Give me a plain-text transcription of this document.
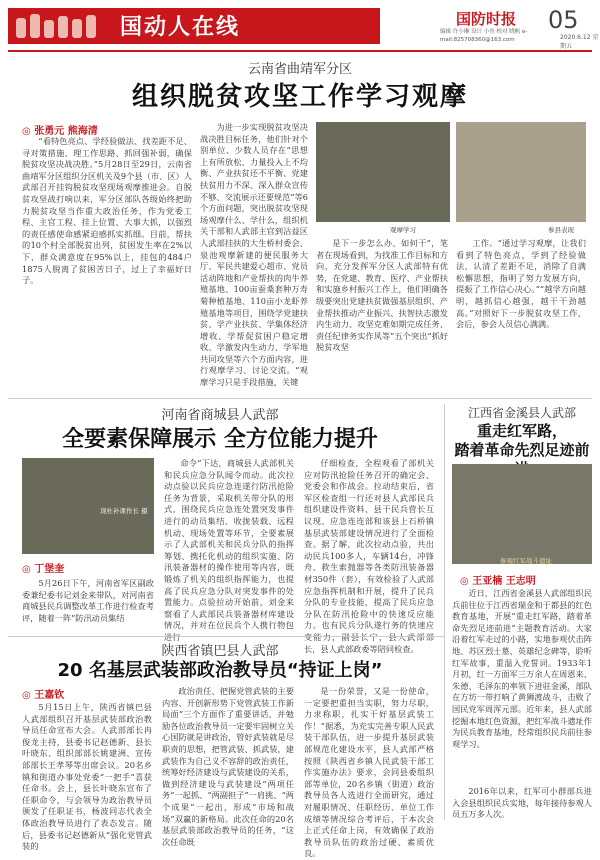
国动人在线	国防时报 05
2020.6.12 星期五
编辑 许小琳 设计 小鱼 校对 晓帆 e-mail:825708360@163.com
云南省曲靖军分区
组织脱贫攻坚工作学习观摩
◎ 张勇元 熊海清

“看特色亮点、学经验做法、找差距不足、寻对策措施、理工作思路、抓回强补弱，确保脱贫攻坚决战决胜。”5月28日至29日，云南省曲靖军分区组织分区机关及9个县（市、区）人武部召开挂钩脱贫攻坚现场观摩推进会。自脱贫攻坚战打响以来，军分区部队各级始终把助力脱贫攻坚当作重大政治任务，作为党委工程、主官工程、挂上位置、大事大抓，以强烈的责任感使命感紧迫感抓实抓细。目前，帮扶的10个村全部脱贫出列，贫困发生率在2%以下，群众满意度在95%以上，挂包的484户1875人脱离了贫困苦日子，过上了幸福好日子。

为进一步实现脱贫攻坚决战决胜目标任务，他们针对个别单位、少数人员存在“思想上有所放松、力量投入上不均衡、产业扶贫还不平衡、党建扶贫用力不深、深入群众宣传不够、交流展示还要规范”等6个方面问题，突出脱贫攻坚现场观摩什么、学什么，组织机关干部和人武部主官到沾益区人武部挂扶的大生桥村委会、泉池观摩新建的便民服务大厅、军民共建爱心超市、党员活动阵地和产业帮扶的肉牛养殖基地、100亩蚕桑套种万寿菊种植基地、110亩小龙虾养殖基地等项目，围绕学党建扶贫、学产业扶贫、学集体经济增收、学帮促贫困户稳定增收、学激发内生动力、学军地共同攻坚等六个方面内容，进行观摩学习、讨论交流。“观摩学习只是手段措施，关键

观摩学习	参县表现

是下一步怎么办、如何干”，笔者在现场看到，为找准工作目标和方向，充分发挥军分区人武部特有优势，在党建、教育、医疗、产业帮扶和实施乡村振兴工作上，他们明确各级要突出党建扶贫做强基层组织、产业帮扶推动产业振兴、扶智扶志激发内生动力、攻坚克难如期完成任务、责任纪律务实作风等”五个突出“抓好脱贫攻坚

工作。“通过学习观摩，让我们看到了特色亮点，学到了经验做法，认清了差距不足，消除了自满松懈思想，指明了努力发展方向，提振了工作信心决心。”“越学方向越明，越抓信心越强，越干干劲越高。”对照好下一步脱贫攻坚工作，会后，参会人员信心满满。

河南省商城县人武部
全要素保障展示 全方位能力提升
现杜补课作长 摄
◎ 丁堡奎

5月26日下午，河南省军区副政委兼纪委书记刘金来带队，对河南省商城县民兵调整改革工作进行检查考评，随着一阵”防汛动员集结

命令”下达，商城县人武部机关和民兵应急分队闻令而动。此次拉动点验以民兵应急连遂行防汛抢险任务为背景，采取机关带分队的形式，围绕民兵应急连处置突发事件进行的动员集结、收拢装载、远程机动、现场处置等环节，全要素展示了人武部机关和民兵分队的指挥筹划、携托化机动的组织实施、防汛装备器材的操作使用等内容，既锻炼了机关的组织指挥能力，也提高了民兵应急分队对突发事件的处置能力。点验拉动开始前，刘金来察看了人武部民兵装备器材库建设情况，并对在位民兵个人携行物包

仔细检查，全程观看了部机关应对防汛抢险任务召开的确定会、党委会和作战会。拉动结束后，省军区检查组一行还对县人武部民兵组织建设件资料、县干民兵营长互议现、应急连连部和该县上石桥镇基层武装部建设情况进行了全面检查。据了解，此次拉动点验，共出动民兵100多人，车辆14台，冲锋舟、救生索抛器等各类防汛装备器材350件（套），有效检验了人武部应急指挥机制和开展，提升了民兵分队的专业技能，提高了民兵应急分队在防汛抢险中的快速反应能力。也有民兵分队遂行务的快速应 长，县人武部政委等陪同检查。

江西省金溪县人武部
重走红军路，
踏着革命先烈足迹前
参观红军战斗遗址
◎ 王亚楠 王志明

近日，江西省金溪县人武部组织民兵前往位于江西省瑞金和于都县的红色教育基地，开展“重走红军路，踏着革命先烈足迹前进”主题教育活动。大家沿着红军走过的小路，实地参观伏击阵地、苏区烈士墓、英雄纪念碑等，聆听红军故事，重温入党誓词。1933年1月初，红一方面军三万余人在周恩来、朱德、毛泽东的率领下进驻金溪，部队在方坊一带打响了黄狮渡战斗，击败了国民党军周浑元部。近年来，县人武部挖掘本地红色资源，把红军战斗遗址作为民兵教育基地，经常组织民兵前往参观学习。

2016年以来，红军可小群部兵进入会县组织民兵实地，每年接待参观人员五万多人次。

陕西省镇巴县人武部
20 名基层武装部政治教导员“持证上岗”
◎ 王嘉钦

5月15日上午，陕西省镇巴县人武部组织召开基层武装部政治教导员任命宣布大会。人武部部长冉俊龙主持，县委书记赵德新、县长叶晓东、组织部部长姚建洲、宣传部部长王孝琴等出席会议。20名乡镇和街道办事处党委“一把手”喜获任命书。会上，县长叶晓东宣布了任职命令，与会领导为政治教导员颁发了任职证书，杨波同志代表全体政治教导员进行了表态发言。随后，县委书记赵德新从“强化党管武装的

政治责任、把握党管武装的主要内容、开创新形势下党管武装工作新局面”三个方面作了重要讲话，并勉励各位政治教导员一定要牢固树立关心国防就是讲政治，管好武装就是尽职责的思想，把管武装、抓武装，建武装作为自己义不容辞的政治责任，统筹好经济建设与武装建设的关系，做到经济建设与武装建设“两项任务”一起抓、“两副担子”一肩挑、“两个成果”一起出，形成“市场和战场”双赢的新格局。此次任命的20名基层武装部政治教导员的任务，“这次任命既

是一份荣誉，又是一份使命，一定要把重担当实职，努力尽职，力求称职，扎实干好基层武装工作！”据悉，为充实完善专职人民武装干部队伍，进一步提升基层武装部规范化建设水平，县人武部严格按照《陕西省乡镇人民武装干部工作实施办法》要求，会同县委组织部等单位，20名乡镇（街道）政治教导员各人选进行全面研究，通过对履职情况、任职经历、单位工作成绩等情况综合考评后，于本次会上正式任命上岗，有效确保了政治教导员队伍的政治过硬、素质优良。
